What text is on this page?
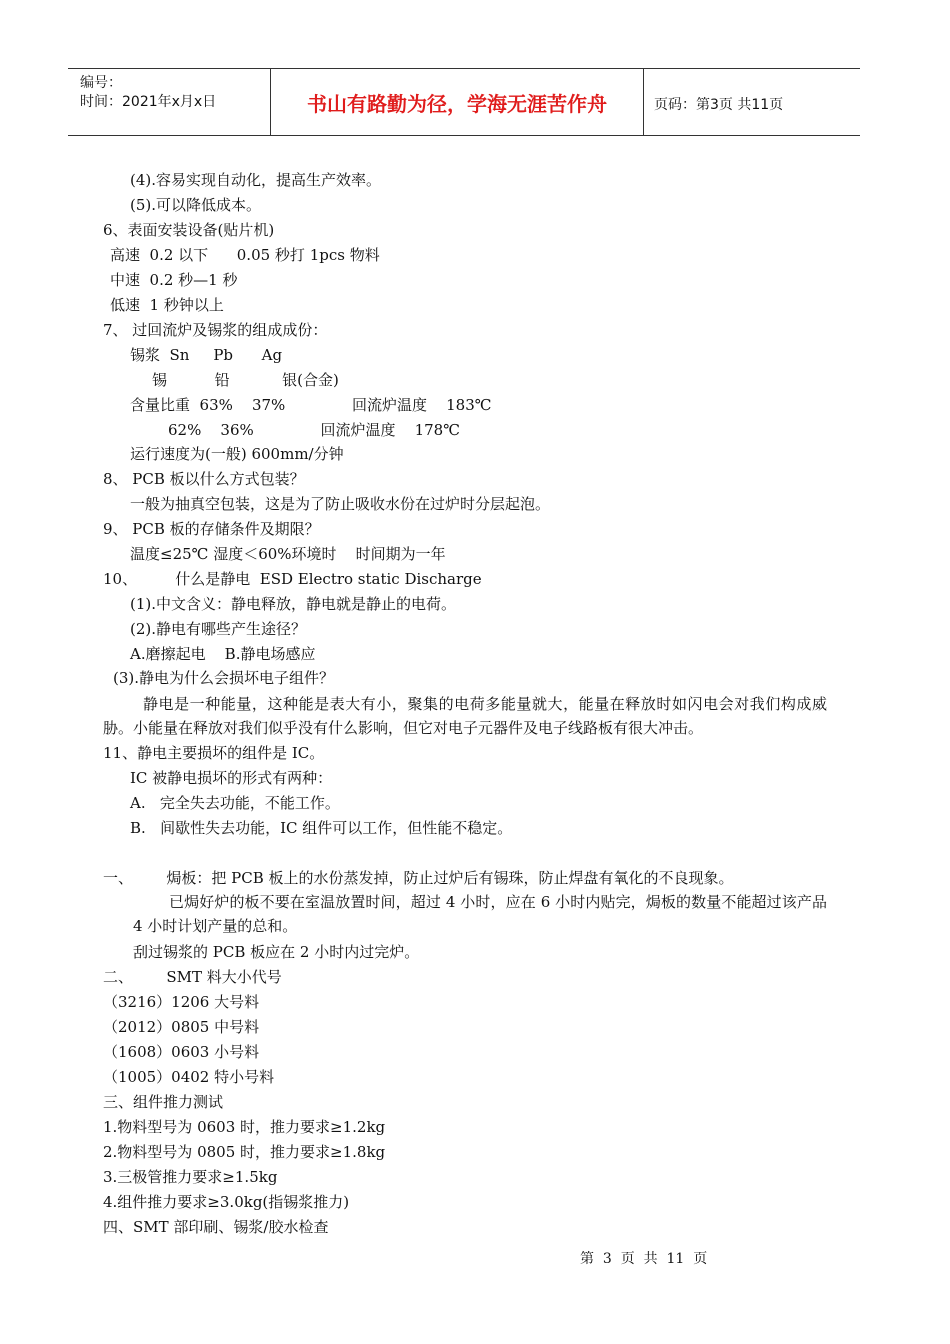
编号：
时间：2021年x月x日	书山有路勤为径，学海无涯苦作舟	页码：第3页 共11页
(4).容易实现自动化，提高生产效率。
(5).可以降低成本。
6、表面安装设备(贴片机)
高速  0.2 以下      0.05 秒打 1pcs 物料
中速  0.2 秒—1 秒
低速  1 秒钟以上
7、 过回流炉及锡浆的组成成份：
锡浆  Sn     Pb      Ag
锡          铅           银(合金)
含量比重  63%    37%              回流炉温度    183℃
62%    36%              回流炉温度    178℃
运行速度为(一般) 600mm/分钟
8、 PCB 板以什么方式包装？
一般为抽真空包装，这是为了防止吸收水份在过炉时分层起泡。
9、 PCB 板的存储条件及期限？
温度≤25℃ 湿度＜60%环境时    时间期为一年
10、        什么是静电  ESD Electro static Discharge
(1).中文含义：静电释放，静电就是静止的电荷。
(2).静电有哪些产生途径？
A.磨擦起电    B.静电场感应
(3).静电为什么会损坏电子组件？
静电是一种能量，这种能是表大有小，聚集的电荷多能量就大，能量在释放时如闪电会对我们构成威胁。小能量在释放对我们似乎没有什么影响，但它对电子元器件及电子线路板有很大冲击。
11、静电主要损坏的组件是 IC。
IC 被静电损坏的形式有两种：
A.   完全失去功能，不能工作。
B.   间歇性失去功能，IC 组件可以工作，但性能不稳定。
一、       焗板：把 PCB 板上的水份蒸发掉，防止过炉后有锡珠，防止焊盘有氧化的不良现象。
已焗好炉的板不要在室温放置时间，超过 4 小时，应在 6 小时内贴完，焗板的数量不能超过该产品 4 小时计划产量的总和。
刮过锡浆的 PCB 板应在 2 小时内过完炉。
二、       SMT 料大小代号
（3216）1206 大号料
（2012）0805 中号料
（1608）0603 小号料
（1005）0402 特小号料
三、组件推力测试
1.物料型号为 0603 时，推力要求≥1.2kg
2.物料型号为 0805 时，推力要求≥1.8kg
3.三极管推力要求≥1.5kg
4.组件推力要求≥3.0kg(指锡浆推力)
四、SMT 部印刷、锡浆/胶水检查
第  3  页  共  11  页
